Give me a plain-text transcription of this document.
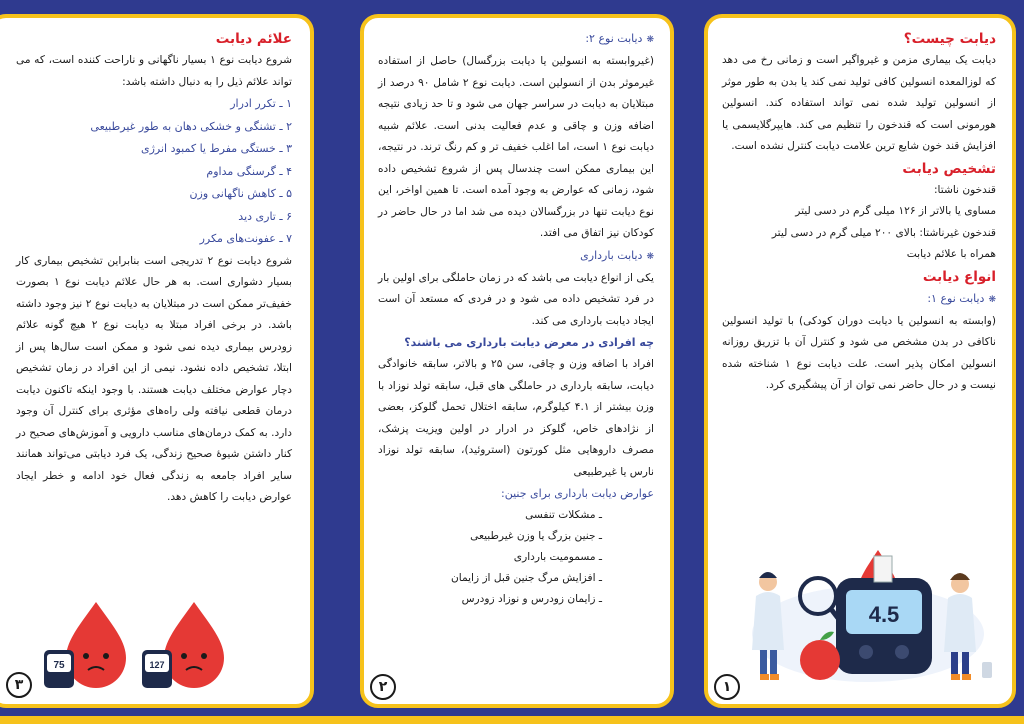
دیابت چیست؟

دیابت یک بیماری مزمن و غیرواگیر است و زمانی رخ می دهد که لوزالمعده انسولین کافی تولید نمی کند یا بدن به طور موثر از انسولین تولید شده نمی تواند استفاده کند. انسولین هورمونی است که قندخون را تنظیم می کند. هایپرگلایسمی یا افزایش قند خون شایع ترین علامت دیابت کنترل نشده است.

تشخیص دیابت
قندخون ناشتا:
مساوی یا بالاتر از ۱۲۶ میلی گرم در دسی لیتر
قندخون غیرناشتا: بالای ۲۰۰ میلی گرم در دسی لیتر
همراه با علائم دیابت
انواع دیابت
❋دیابت نوع ۱:

(وابسته به انسولین یا دیابت دوران کودکی) با تولید انسولین ناکافی در بدن مشخص می شود و کنترل آن با تزریق روزانه انسولین امکان پذیر است. علت دیابت نوع ۱ شناخته شده نیست و در حال حاضر نمی توان از آن پیشگیری کرد.

4.5
۱
❋دیابت نوع ۲:

(غیروابسته به انسولین یا دیابت بزرگسال) حاصل از استفاده غیرموثر بدن از انسولین است. دیابت نوع ۲ شامل ۹۰ درصد از مبتلایان به دیابت در سراسر جهان می شود و تا حد زیادی نتیجه اضافه وزن و چاقی و عدم فعالیت بدنی است. علائم شبیه دیابت نوع ۱ است، اما اغلب خفیف تر و کم رنگ ترند. در نتیجه، این بیماری ممکن است چندسال پس از شروع تشخیص داده شود، زمانی که عوارض به وجود آمده است. تا همین اواخر، این نوع دیابت تنها در بزرگسالان دیده می شد اما در حال حاضر در کودکان نیز اتفاق می افتد.

❋دیابت بارداری

یکی از انواع دیابت می باشد که در زمان حاملگی برای اولین بار در فرد تشخیص داده می شود و در فردی که مستعد آن است ایجاد دیابت بارداری می کند.

چه افرادی در معرض دیابت بارداری می باشند؟

افراد با اضافه وزن و چاقی، سن ۲۵ و بالاتر، سابقه خانوادگی دیابت، سابقه بارداری در حاملگی های قبل، سابقه تولد نوزاد با وزن بیشتر از ۴.۱ کیلوگرم، سابقه اختلال تحمل گلوکز، بعضی از نژادهای خاص، گلوکز در ادرار در اولین ویزیت پزشک، مصرف داروهایی مثل کورتون (استروئید)، سابقه تولد نوزاد نارس یا غیرطبیعی

عوارض دیابت بارداری برای جنین:
ـ مشکلات تنفسی
ـ جنین بزرگ یا وزن غیرطبیعی
ـ مسمومیت بارداری
ـ افزایش مرگ جنین قبل از زایمان
ـ زایمان زودرس و نوزاد زودرس
۲
علائم دیابت

شروع دیابت نوع ۱ بسیار ناگهانی و ناراحت کننده است، که می تواند علائم ذیل را به دنبال داشته باشد:

۱ ـ تکرر ادرار
۲ ـ تشنگی و خشکی دهان به طور غیرطبیعی
۳ ـ خستگی مفرط یا کمبود انرژی
۴ ـ گرسنگی مداوم
۵ ـ کاهش ناگهانی وزن
۶ ـ تاری دید
۷ ـ عفونت‌های مکرر

شروع دیابت نوع ۲ تدریجی است بنابراین تشخیص بیماری کار بسیار دشواری است. به هر حال علائم دیابت نوع ۱ بصورت خفیف‌تر ممکن است در مبتلایان به دیابت نوع ۲ نیز وجود داشته باشد. در برخی افراد مبتلا به دیابت نوع ۲ هیچ گونه علائم زودرس بیماری دیده نمی شود و ممکن است سال‌ها پس از ابتلا، تشخیص داده نشود. نیمی از این افراد در زمان تشخیص دچار عوارض مختلف دیابت هستند. با وجود اینکه تاکنون دیابت درمان قطعی نیافته ولی راه‌های مؤثری برای کنترل آن وجود دارد. به کمک درمان‌های مناسب دارویی و آموزش‌های صحیح در کنار داشتن شیوهٔ صحیح زندگی، یک فرد دیابتی می‌تواند همانند سایر افراد جامعه به زندگی فعال خود ادامه و خطر ایجاد عوارض دیابت را کاهش دهد.

75	127
۳
